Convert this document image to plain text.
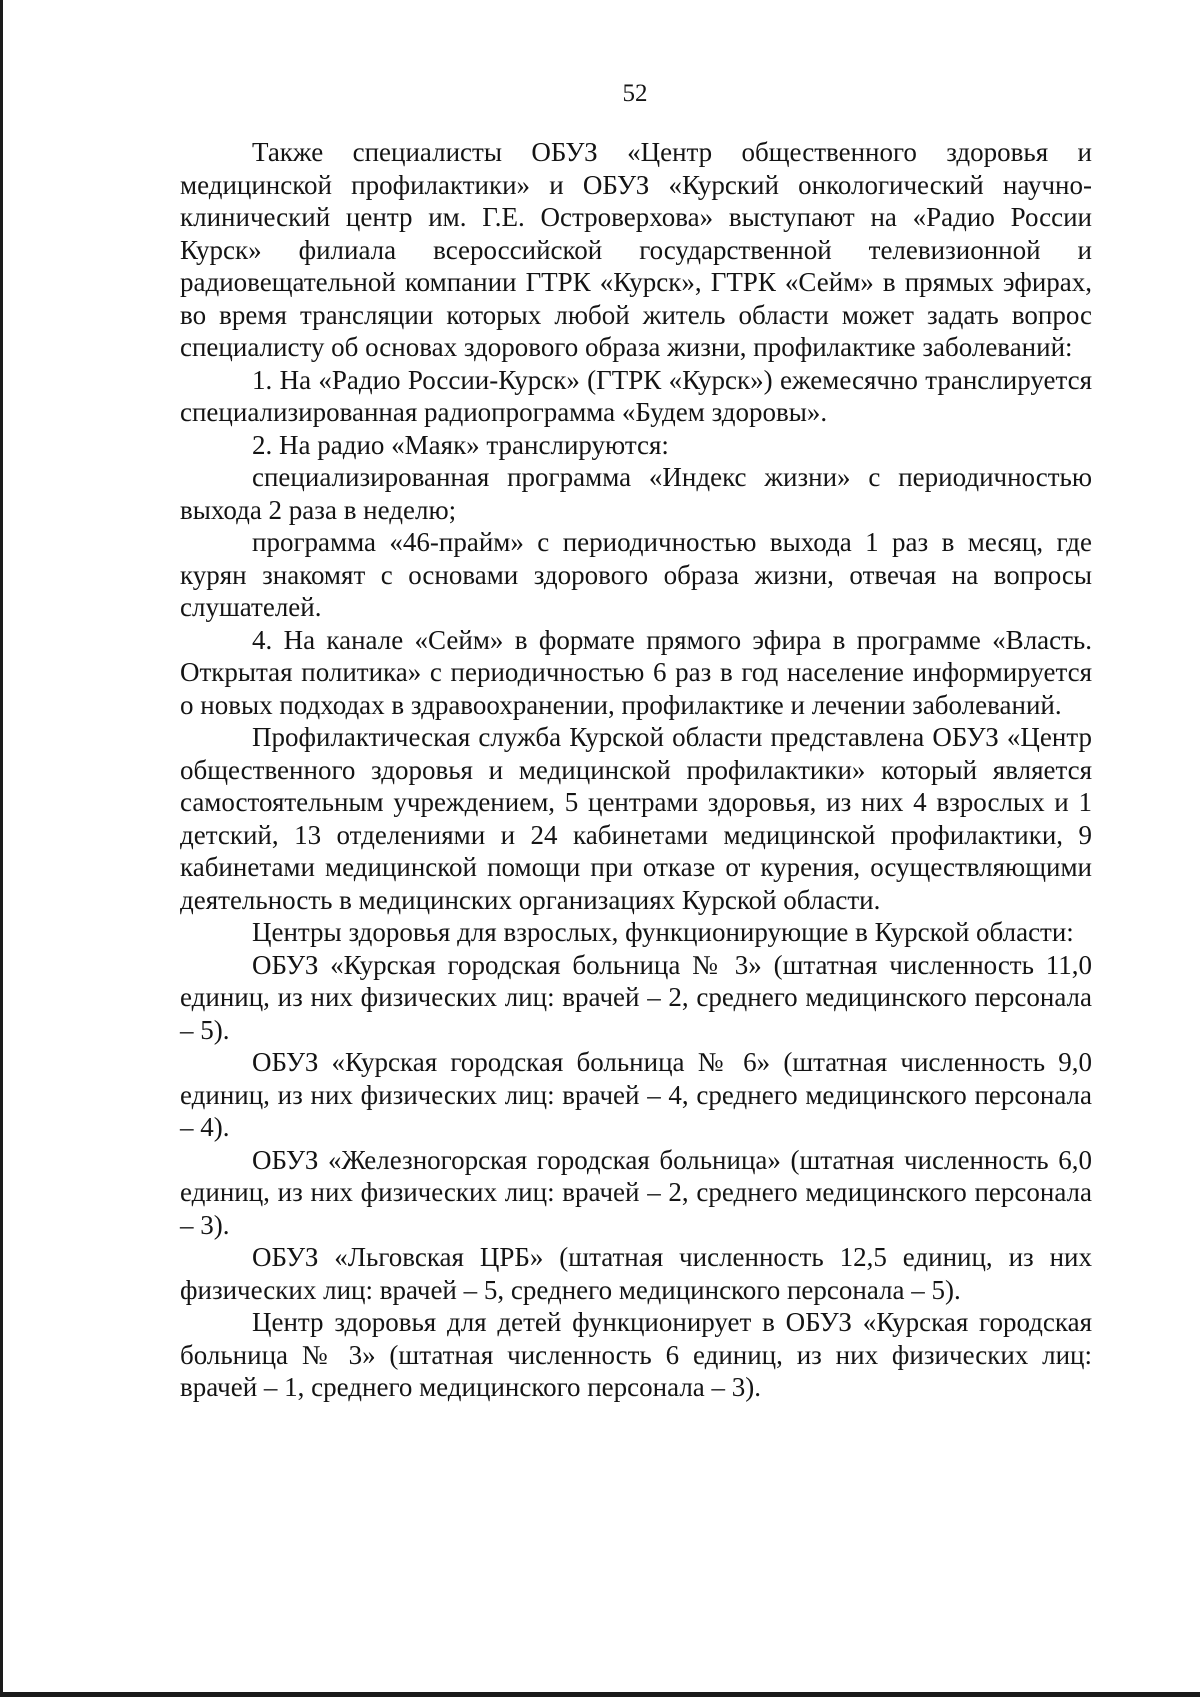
52

Также специалисты ОБУЗ «Центр общественного здоровья и медицинской профилактики» и ОБУЗ «Курский онкологический научно-клинический центр им. Г.Е. Островерхова» выступают на «Радио России Курск» филиала всероссийской государственной телевизионной и радиовещательной компании ГТРК «Курск», ГТРК «Сейм» в прямых эфирах, во время трансляции которых любой житель области может задать вопрос специалисту об основах здорового образа жизни, профилактике заболеваний:

1. На «Радио России-Курск» (ГТРК «Курск») ежемесячно транслируется специализированная радиопрограмма «Будем здоровы».

2. На радио «Маяк» транслируются:

специализированная программа «Индекс жизни» с периодичностью выхода 2 раза в неделю;

программа «46-прайм» с периодичностью выхода 1 раз в месяц, где курян знакомят с основами здорового образа жизни, отвечая на вопросы слушателей.

4. На канале «Сейм» в формате прямого эфира в программе «Власть. Открытая политика» с периодичностью 6 раз в год население информируется о новых подходах в здравоохранении, профилактике и лечении заболеваний.

Профилактическая служба Курской области представлена ОБУЗ «Центр общественного здоровья и медицинской профилактики» который является самостоятельным учреждением, 5 центрами здоровья, из них 4 взрослых и 1 детский, 13 отделениями и 24 кабинетами медицинской профилактики, 9 кабинетами медицинской помощи при отказе от курения, осуществляющими деятельность в медицинских организациях Курской области.

Центры здоровья для взрослых, функционирующие в Курской области:

ОБУЗ «Курская городская больница № 3» (штатная численность 11,0 единиц, из них физических лиц: врачей – 2, среднего медицинского персонала – 5).

ОБУЗ «Курская городская больница № 6» (штатная численность 9,0 единиц, из них физических лиц: врачей – 4, среднего медицинского персонала – 4).

ОБУЗ «Железногорская городская больница» (штатная численность 6,0 единиц, из них физических лиц: врачей – 2, среднего медицинского персонала – 3).

ОБУЗ «Льговская ЦРБ» (штатная численность 12,5 единиц, из них физических лиц: врачей – 5, среднего медицинского персонала – 5).

Центр здоровья для детей функционирует в ОБУЗ «Курская городская больница № 3» (штатная численность 6 единиц, из них физических лиц: врачей – 1, среднего медицинского персонала – 3).
